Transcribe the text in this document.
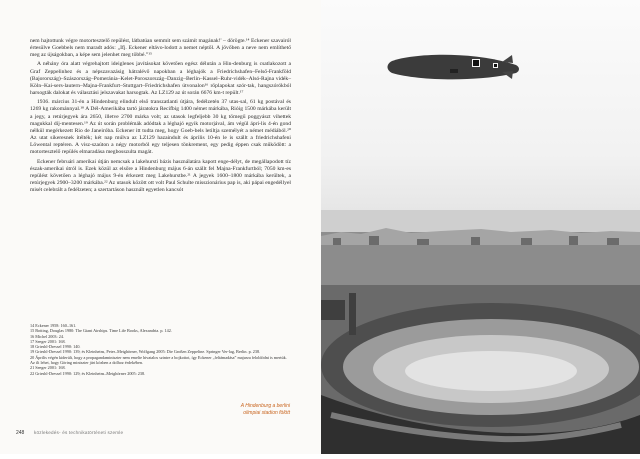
nem hajtottunk végre motortesztelő repülést, látbatúan semmit sem számít magának!' – dörögte.¹⁴ Eckener szavairól értesülve Goebbels nem maradt adós: „Ifj. Eckener eltávo-lodott a nemet néptől. A jövőben a neve nem említhető meg az újságokban, a képe sem jelenhet meg többé.”¹⁵

A néhány óra alatt végrehajtott ideiglenes javításokat követően egész délután a Hin-denburg is csatlakozott a Graf Zeppelinhez és a népszavazásig hátralévő napokban a léghajók a Friedrichshafen–Felső-Frankföld (Bajorország)–Szászország–Pomeránia–Kelet-Poroszország–Danzig–Berlin–Kassel–Ruhr-vidék–Alsó-Rajna vidék–Köln–Kai-sers-lautern–Majna-Frankfurt–Stuttgart–Friedrichshafen útvonalon¹⁶ röplapokat szór-tak, hangszórókból harsogták dalokat és választási jelszavakat harsogtak. Az LZ129 az út során 6676 km-t repült.¹⁷

1936. március 31-én a Hindenburg elindult első transzatlanti útjára, fedélzetén 37 utas-sal, 61 kg postával és 1269 kg rakománnyal.¹⁸ A Dél-Amerikába tartó járatokra Recifbig 1400 német márkába, Rióig 1500 márkába került a jegy, a retúrjegyek ára 2650, illetve 2700 márka volt; az utasok legfeljebb 30 kg tömegű poggyászt vihettek magukkal díj-mentesen.¹⁹ Az út során problémák adódtak a léghajó egyik motorjával, ám végül ápri-lis 4-én gond nélkül megérkezett Rio de Janeiróba. Eckener itt tudta meg, hogy Goeb-bels letiltja személyét a német médiából.²⁰ Az utat sikeresnek ítélték; két nap múlva az LZ129 hazaindult és április 10-én le is szállt a friedrichshafeni Löwental reptéren. A visz-szaúton a négy motorból egy teljesen tönkrement, egy pedig éppen csak működött: a motortesztelő repülés elmaradása megbosszulta magát.

Eckener februári amerikai útján nemcsak a lakehursti bázis használatára kapott enge-délyt, de megállapodott tíz észak-amerikai útról is. Ezek közül az elsőre a Hindenburg május 6-án szállt fel Majna-Frankfurtból; 7050 km-es repülést követően a léghajó május 9-én érkezett meg Lakehurstbe.²¹ A jegyek 1600–1800 márkába kerültek, a retúrjegyek 2900–3200 márkába.²² Az utasok között ott volt Paul Schulte misszionárius pap is, aki pápai engedéllyel misét celebrált a fedélzeten; a szertartáson használt egyetlen kancsót

14 Eckener 1958: 160–161.

15 Botting, Douglas 1980: The Giant Airships. Time Life Books, Alexandria. p. 142.

16 Michel 2003: 24.

17 Seeger 2001: 168.

18 Grieshl-Dressel 1990: 140.

19 Grieshl-Dressel 1990: 139; és Kleinheins, Peter–Meighörner, Wolfgang 2005: Die Großen Zeppeline. Springer Ver-lag, Berlin. p. 238.

20 Április végén kiderült, hogy a propagandaminiszter nem emelte hivatalos szintre a bojkottot, így Eckener „feltámadása” majusra feloldódni is mertük. Az ili lehet, hogy Göring miniszter járt közben a dolhoz érdekében.

21 Seeger 2001: 168.

22 Grieshl-Dressel 1990: 129; és Kleinheins–Meighörner 2005: 238.

A Hindenburg a berlini
olimpiai stadion fölött
248 közlekedés- és technikatörténeti szemle
